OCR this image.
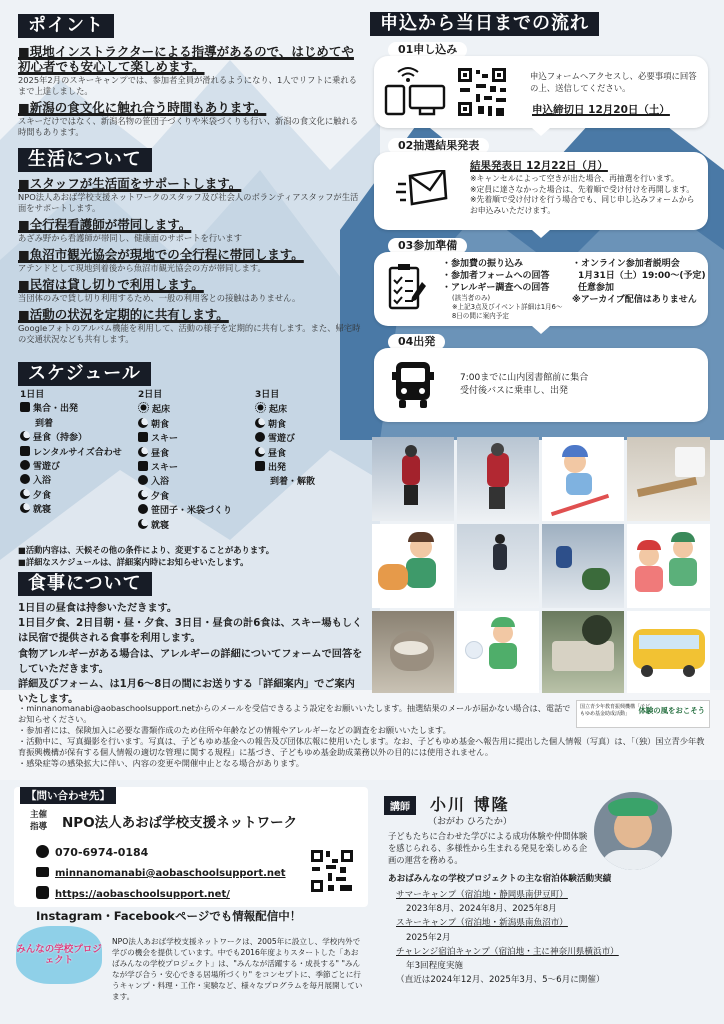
ポイント
■現地インストラクターによる指導があるので、はじめてや初心者でも安心して楽しめます。
2025年2月のスキーキャンプでは、参加者全員が滑れるようになり、1人でリフトに乗れるまで上達しました。
■新潟の食文化に触れ合う時間もあります。
スキーだけではなく、新潟名物の笹団子づくりや米袋づくりも行い、新潟の食文化に触れる時間もあります。
生活について
■スタッフが生活面をサポートします。
NPO法人あおば学校支援ネットワークのスタッフ及び社会人のボランティアスタッフが生活面をサポートします。
■全行程看護師が帯同します。
あざみ野から看護師が帯同し、健康面のサポートを行います
■魚沼市観光協会が現地での全行程に帯同します。
アテンドとして現地到着後から魚沼市観光協会の方が帯同します。
■民宿は貸し切りで利用します。
当団体のみで貸し切り利用するため、一般の利用客との接触はありません。
■活動の状況を定期的に共有します。
Googleフォトのアルバム機能を利用して、活動の様子を定期的に共有します。また、帰宅時の交通状況なども共有します。
スケジュール
1日目
集合・出発
到着
昼食（持参）
レンタルサイズ合わせ
雪遊び
入浴
夕食
就寝
2日目
起床
朝食
スキー
昼食
スキー
入浴
夕食
笹団子・米袋づくり
就寝
3日目
起床
朝食
雪遊び
昼食
出発
到着・解散
■活動内容は、天候その他の条件により、変更することがあります。
■詳細なスケジュールは、詳細案内時にお知らせいたします。
食事について
1日目の昼食は持参いただきます。
1日目夕食、2日目朝・昼・夕食、3日目・昼食の計6食は、スキー場もしくは民宿で提供される食事を利用します。
食物アレルギーがある場合は、アレルギーの詳細についてフォームで回答をしていただきます。
詳細及びフォーム、は1月6～8日の間にお送りする「詳細案内」でご案内いたします。
申込から当日までの流れ
01申し込み
申込フォームへアクセスし、必要事項に回答の上、送信してください。
申込締切日 12月20日（土）
02抽選結果発表
結果発表日 12月22日（月）
※キャンセルによって空きが出た場合、再抽選を行います。
※定員に達さなかった場合は、先着順で受け付けを再開します。
※先着順で受け付けを行う場合でも、同じ申し込みフォームからお申込みいただけます。
03参加準備
・参加費の振り込み
・参加者フォームへの回答
・アレルギー調査への回答
(該当者のみ)
※上記3点及びイベント詳細は1月6～8日の間に案内予定
・オンライン参加者説明会
1月31日（土）19:00～(予定)
任意参加
※アーカイブ配信はありません
04出発
7:00までに山内図書館前に集合
受付後バスに乗車し、出発
国立青少年教育振興機構「子どもゆめ基金助成活動」	体験の風をおこそう
・minnanomanabi@aobaschoolsupport.netからのメールを受信できるよう設定をお願いいたします。抽選結果のメールが届かない場合は、電話でお知らせください。
・参加者には、保険加入に必要な書類作成のため住所や年齢などの情報やアレルギーなどの調査をお願いいたします。
・活動中に、写真撮影を行います。写真は、子どもゆめ基金への報告及び団体広報に使用いたします。なお、子どもゆめ基金へ報告用に提出した個人情報（写真）は、「（独）国立青少年教育振興機構が保有する個人情報の適切な管理に関する規程」に基づき、子どもゆめ基金助成業務以外の目的には使用されません。
・感染症等の感染拡大に伴い、内容の変更や開催中止となる場合があります。
【問い合わせ先】
主催
指導 NPO法人あおば学校支援ネットワーク
070-6974-0184
minnanomanabi@aobaschoolsupport.net
https://aobaschoolsupport.net/
Instagram・Facebookページでも情報配信中！
みんなの学校プロジェクト
NPO法人あおば学校支援ネットワークは、2005年に設立し、学校内外で学びの機会を提供しています。中でも2016年度よりスタートした「あおばみんなの学校プロジェクト」は、"みんなが活躍する・成長する" "みんなが学び合う・安心できる居場所づくり" をコンセプトに、季節ごとに行うキャンプ・料理・工作・実験など、様々なプログラムを毎月展開しています。
講師	小川 博隆
（おがわ ひろたか）
子どもたちに合わせた学びによる成功体験や仲間体験を感じられる、多様性から生まれる発見を楽しめる企画の運営を務める。
あおばみんなの学校プロジェクトの主な宿泊体験活動実績
サマーキャンプ（宿泊地・静岡県南伊豆町）
2023年8月、2024年8月、2025年8月
スキーキャンプ（宿泊地・新潟県南魚沼市）
2025年2月
チャレンジ宿泊キャンプ（宿泊地・主に神奈川県横浜市）
年3回程度実施
（直近は2024年12月、2025年3月、5～6月に開催）
